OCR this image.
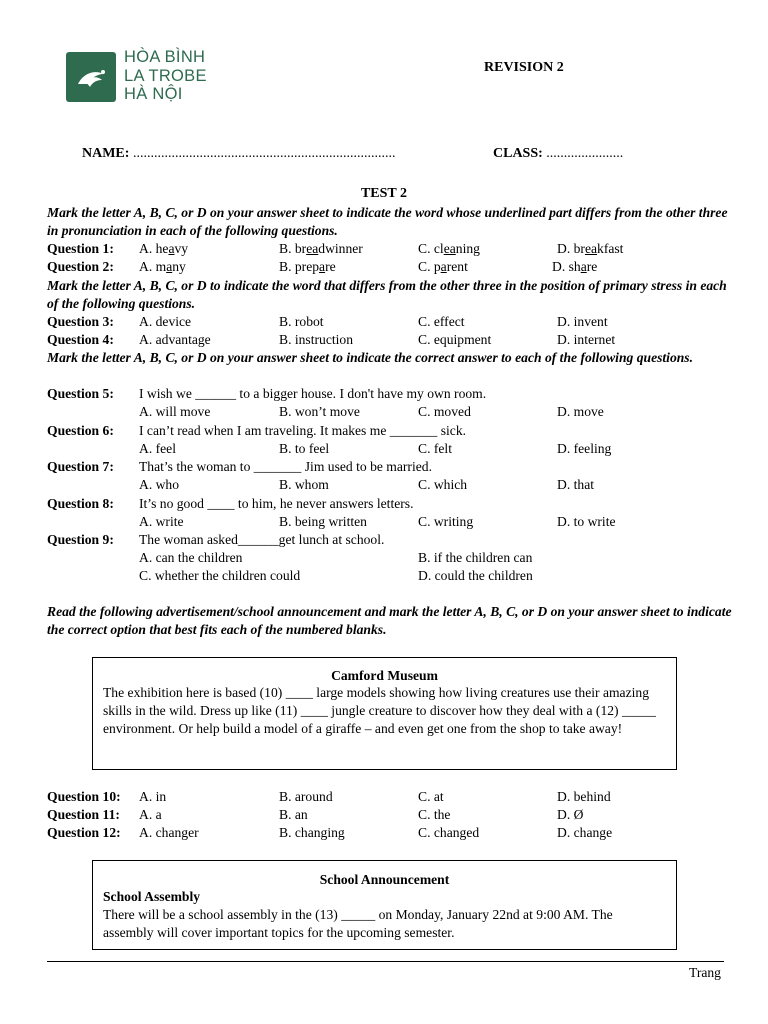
HÒA BÌNH
LA TROBE
HÀ NỘI
REVISION 2
NAME: ...........................................................................	CLASS: ......................
TEST 2
Mark the letter A, B, C, or D on your answer sheet to indicate the word whose underlined part differs from the other three in pronunciation in each of the following questions.
Question 1: A. heavy	B. breadwinner	C. cleaning	D. breakfast
Question 2: A. many	B. prepare	C. parent	D. share
Mark the letter A, B, C, or D to indicate the word that differs from the other three in the position of primary stress in each of the following questions.
Question 3: A. device	B. robot	C. effect	D. invent
Question 4: A. advantage	B. instruction	C. equipment	D. internet
Mark the letter A, B, C, or D on your answer sheet to indicate the correct answer to each of the following questions.
Question 5: I wish we ______ to a bigger house. I don't have my own room.
A. will move	B. won’t move	C. moved	D. move
Question 6: I can’t read when I am traveling. It makes me _______ sick.
A. feel	B. to feel	C. felt	D. feeling
Question 7: That’s the woman to _______ Jim used to be married.
A. who	B. whom	C. which	D. that
Question 8: It’s no good ____ to him, he never answers letters.
A. write	B. being written	C. writing	D. to write
Question 9: The woman asked______get lunch at school.
A. can the children	B. if the children can
C. whether the children could	D. could the children
Read the following advertisement/school announcement and mark the letter A, B, C, or D on your answer sheet to indicate the correct option that best fits each of the numbered blanks.
Camford Museum
The exhibition here is based (10) ____ large models showing how living creatures use their amazing skills in the wild. Dress up like (11) ____ jungle creature to discover how they deal with a (12) _____ environment. Or help build a model of a giraffe – and even get one from the shop to take away!
Question 10: A. in	B. around	C. at	D. behind
Question 11: A. a	B. an	C. the	D. Ø
Question 12: A. changer	B. changing	C. changed	D. change
School Announcement
School Assembly
There will be a school assembly in the (13) _____ on Monday, January 22nd at 9:00 AM. The assembly will cover important topics for the upcoming semester.
Trang
